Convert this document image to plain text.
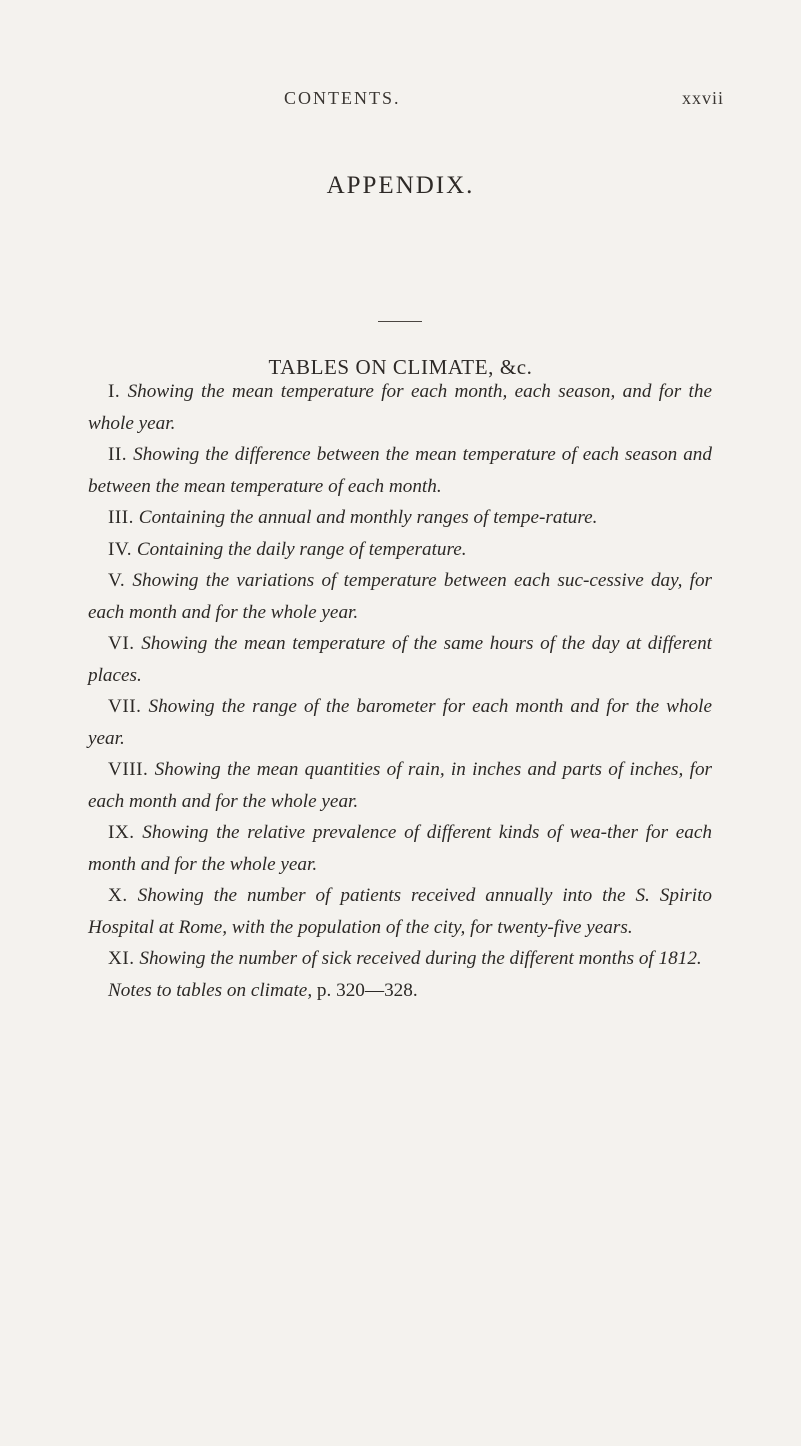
CONTENTS.	xxvii
APPENDIX.
TABLES ON CLIMATE, &c.

I. Showing the mean temperature for each month, each season, and for the whole year.

II. Showing the difference between the mean temperature of each season and between the mean temperature of each month.

III. Containing the annual and monthly ranges of tempe-rature.

IV. Containing the daily range of temperature.

V. Showing the variations of temperature between each suc-cessive day, for each month and for the whole year.

VI. Showing the mean temperature of the same hours of the day at different places.

VII. Showing the range of the barometer for each month and for the whole year.

VIII. Showing the mean quantities of rain, in inches and parts of inches, for each month and for the whole year.

IX. Showing the relative prevalence of different kinds of wea-ther for each month and for the whole year.

X. Showing the number of patients received annually into the S. Spirito Hospital at Rome, with the population of the city, for twenty-five years.

XI. Showing the number of sick received during the different months of 1812.

Notes to tables on climate, p. 320—328.
